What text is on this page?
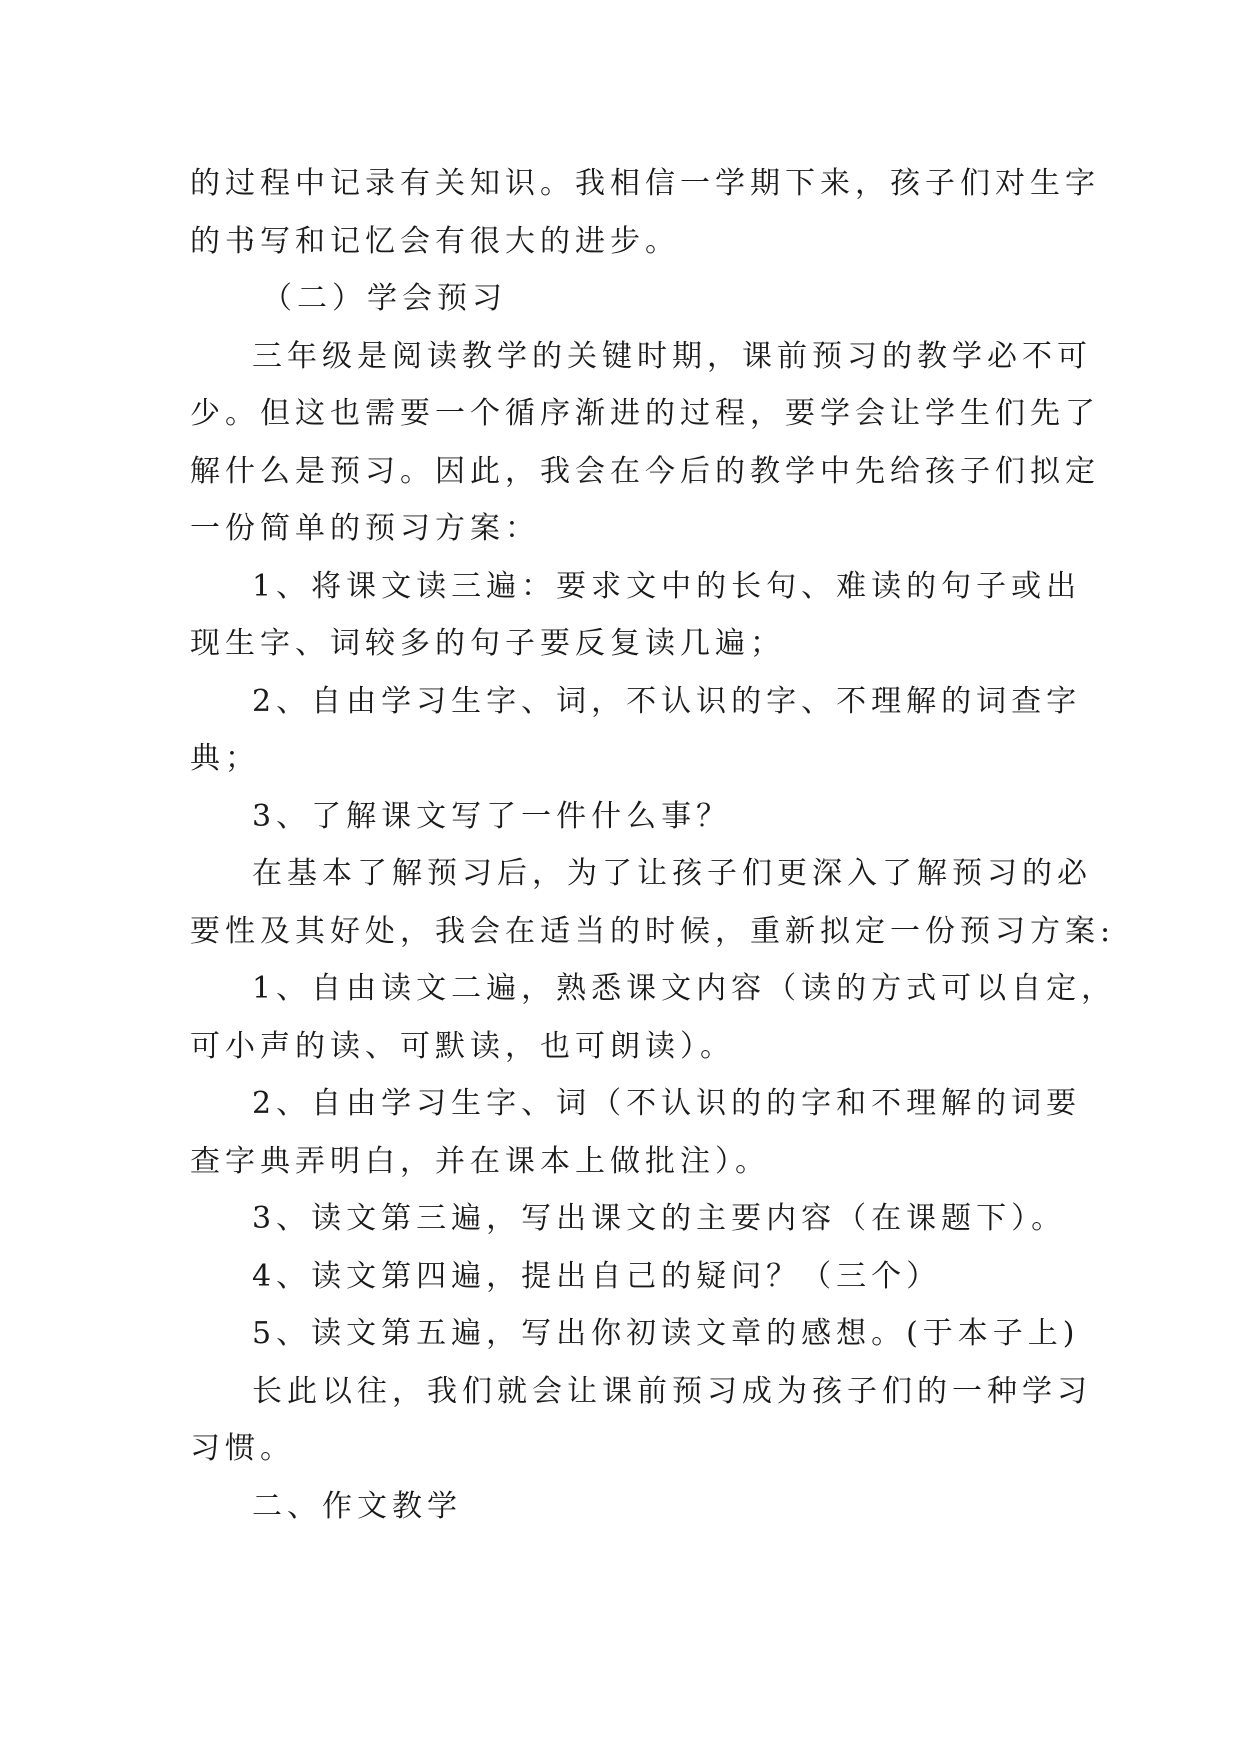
的过程中记录有关知识。我相信一学期下来，孩子们对生字

的书写和记忆会有很大的进步。

（二）学会预习

三年级是阅读教学的关键时期，课前预习的教学必不可

少。但这也需要一个循序渐进的过程，要学会让学生们先了

解什么是预习。因此，我会在今后的教学中先给孩子们拟定

一份简单的预习方案：

1、将课文读三遍：要求文中的长句、难读的句子或出

现生字、词较多的句子要反复读几遍；

2、自由学习生字、词，不认识的字、不理解的词查字

典；

3、了解课文写了一件什么事？

在基本了解预习后，为了让孩子们更深入了解预习的必

要性及其好处，我会在适当的时候，重新拟定一份预习方案:

1、自由读文二遍，熟悉课文内容（读的方式可以自定，

可小声的读、可默读，也可朗读）。

2、自由学习生字、词（不认识的的字和不理解的词要

查字典弄明白，并在课本上做批注）。

3、读文第三遍，写出课文的主要内容（在课题下）。

4、读文第四遍，提出自己的疑问？（三个）

5、读文第五遍，写出你初读文章的感想。(于本子上)

长此以往，我们就会让课前预习成为孩子们的一种学习

习惯。

二、作文教学
